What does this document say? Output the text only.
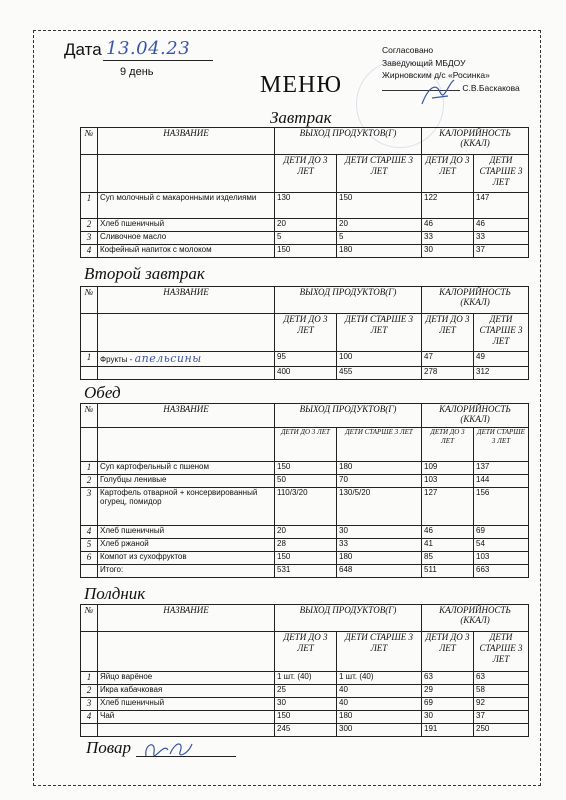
Дата 13.04.23
9 день
Согласовано
Заведующий МБДОУ
Жирновским д/с «Росинка»
С.В.Баскакова
МЕНЮ
Завтрак
№	НАЗВАНИЕ	ВЫХОД ПРОДУКТОВ(Г)		КАЛОРИЙНОСТЬ (ККАЛ)	
		ДЕТИ ДО 3 ЛЕТ	ДЕТИ СТАРШЕ 3 ЛЕТ	ДЕТИ ДО 3 ЛЕТ	ДЕТИ СТАРШЕ 3 ЛЕТ
1	Суп молочный с макаронными изделиями	130	150	122	147
2	Хлеб пшеничный	20	20	46	46
3	Сливочное масло	5	5	33	33
4	Кофейный напиток с молоком	150	180	30	37
Второй завтрак
№	НАЗВАНИЕ	ВЫХОД ПРОДУКТОВ(Г)		КАЛОРИЙНОСТЬ (ККАЛ)	
		ДЕТИ ДО 3 ЛЕТ	ДЕТИ СТАРШЕ 3 ЛЕТ	ДЕТИ ДО 3 ЛЕТ	ДЕТИ СТАРШЕ 3 ЛЕТ
1	Фрукты - апельсины	95	100	47	49
		400	455	278	312
Обед
№	НАЗВАНИЕ	ВЫХОД ПРОДУКТОВ(Г)		КАЛОРИЙНОСТЬ (ККАЛ)	
		ДЕТИ ДО 3 ЛЕТ	ДЕТИ СТАРШЕ 3 ЛЕТ	ДЕТИ ДО 3 ЛЕТ	ДЕТИ СТАРШЕ 3 ЛЕТ
1	Суп картофельный с пшеном	150	180	109	137
2	Голубцы ленивые	50	70	103	144
3	Картофель отварной + консервированный огурец, помидор	110/3/20	130/5/20	127	156
4	Хлеб пшеничный	20	30	46	69
5	Хлеб ржаной	28	33	41	54
6	Компот из сухофруктов	150	180	85	103
	Итого:	531	648	511	663
Полдник
№	НАЗВАНИЕ	ВЫХОД ПРОДУКТОВ(Г)		КАЛОРИЙНОСТЬ (ККАЛ)	
		ДЕТИ ДО 3 ЛЕТ	ДЕТИ СТАРШЕ 3 ЛЕТ	ДЕТИ ДО 3 ЛЕТ	ДЕТИ СТАРШЕ 3 ЛЕТ
1	Яйцо варёное	1 шт. (40)	1 шт. (40)	63	63
2	Икра кабачковая	25	40	29	58
3	Хлеб пшеничный	30	40	69	92
4	Чай	150	180	30	37
		245	300	191	250
Повар
